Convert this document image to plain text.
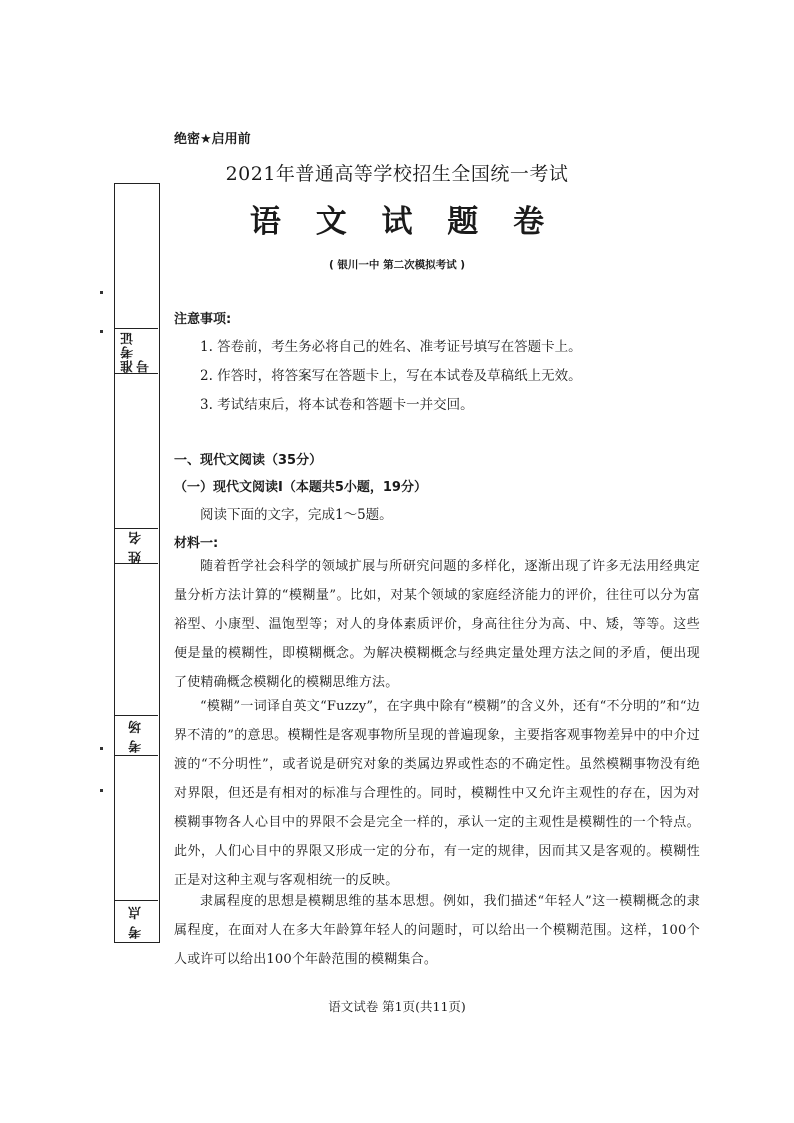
准考证号
姓 名
考 场
考 点
绝密★启用前
2021年普通高等学校招生全国统一考试
语 文 试 题 卷
( 银川一中 第二次模拟考试 )
注意事项:
1. 答卷前，考生务必将自己的姓名、准考证号填写在答题卡上。
2. 作答时，将答案写在答题卡上，写在本试卷及草稿纸上无效。
3. 考试结束后，将本试卷和答题卡一并交回。
一、现代文阅读（35分）
（一）现代文阅读Ⅰ（本题共5小题，19分）
阅读下面的文字，完成1～5题。
材料一:
随着哲学社会科学的领域扩展与所研究问题的多样化，逐渐出现了许多无法用经典定量分析方法计算的“模糊量”。比如，对某个领域的家庭经济能力的评价，往往可以分为富裕型、小康型、温饱型等；对人的身体素质评价，身高往往分为高、中、矮，等等。这些便是量的模糊性，即模糊概念。为解决模糊概念与经典定量处理方法之间的矛盾，便出现了使精确概念模糊化的模糊思维方法。
“模糊”一词译自英文“Fuzzy”，在字典中除有“模糊”的含义外，还有“不分明的”和“边界不清的”的意思。模糊性是客观事物所呈现的普遍现象，主要指客观事物差异中的中介过渡的“不分明性”，或者说是研究对象的类属边界或性态的不确定性。虽然模糊事物没有绝对界限，但还是有相对的标准与合理性的。同时，模糊性中又允许主观性的存在，因为对模糊事物各人心目中的界限不会是完全一样的，承认一定的主观性是模糊性的一个特点。此外，人们心目中的界限又形成一定的分布，有一定的规律，因而其又是客观的。模糊性正是对这种主观与客观相统一的反映。
隶属程度的思想是模糊思维的基本思想。例如，我们描述“年轻人”这一模糊概念的隶属程度，在面对人在多大年龄算年轻人的问题时，可以给出一个模糊范围。这样，100个人或许可以给出100个年龄范围的模糊集合。
语文试卷 第1页(共11页)
